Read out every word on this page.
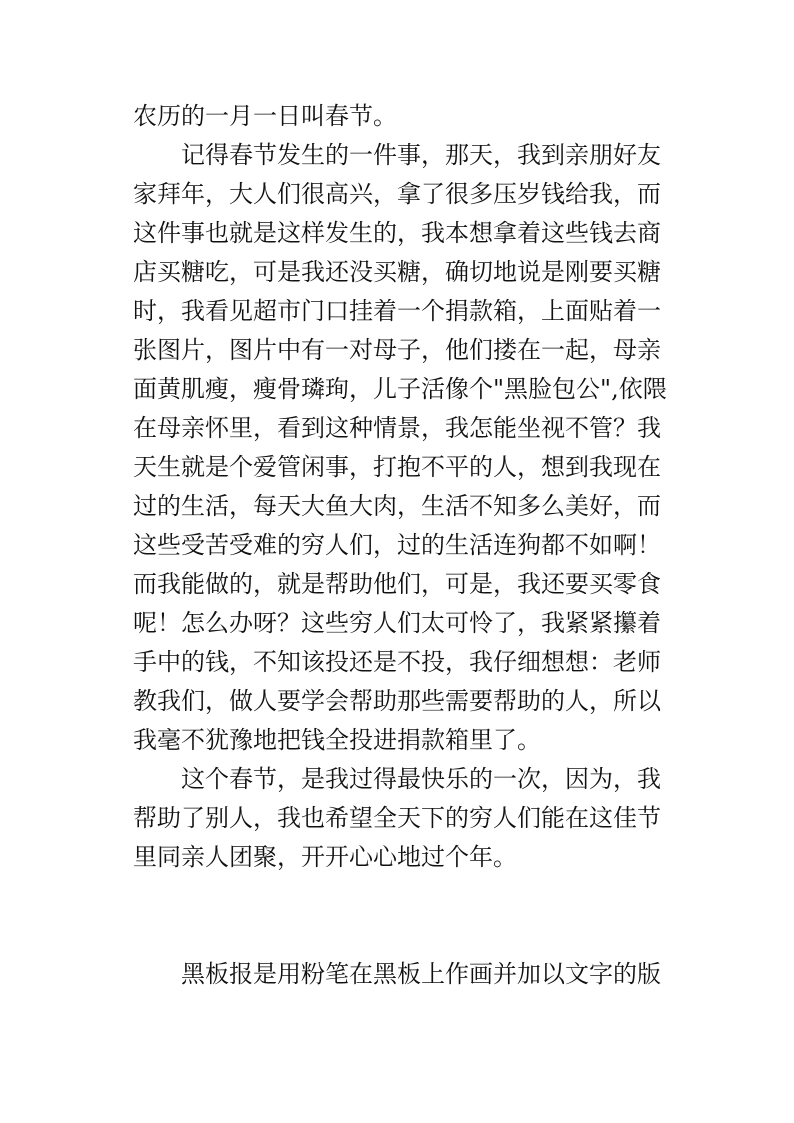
农历的一月一日叫春节。
记得春节发生的一件事，那天，我到亲朋好友
家拜年，大人们很高兴，拿了很多压岁钱给我，而
这件事也就是这样发生的，我本想拿着这些钱去商
店买糖吃，可是我还没买糖，确切地说是刚要买糖
时，我看见超市门口挂着一个捐款箱，上面贴着一
张图片，图片中有一对母子，他们搂在一起，母亲
面黄肌瘦，瘦骨璘珣，儿子活像个"黑脸包公",依隈
在母亲怀里，看到这种情景，我怎能坐视不管？我
天生就是个爱管闲事，打抱不平的人，想到我现在
过的生活，每天大鱼大肉，生活不知多么美好，而
这些受苦受难的穷人们，过的生活连狗都不如啊！
而我能做的，就是帮助他们，可是，我还要买零食
呢！怎么办呀？这些穷人们太可怜了，我紧紧攥着
手中的钱，不知该投还是不投，我仔细想想：老师
教我们，做人要学会帮助那些需要帮助的人，所以
我毫不犹豫地把钱全投进捐款箱里了。
这个春节，是我过得最快乐的一次，因为，我
帮助了别人，我也希望全天下的穷人们能在这佳节
里同亲人团聚，开开心心地过个年。
黑板报是用粉笔在黑板上作画并加以文字的版
